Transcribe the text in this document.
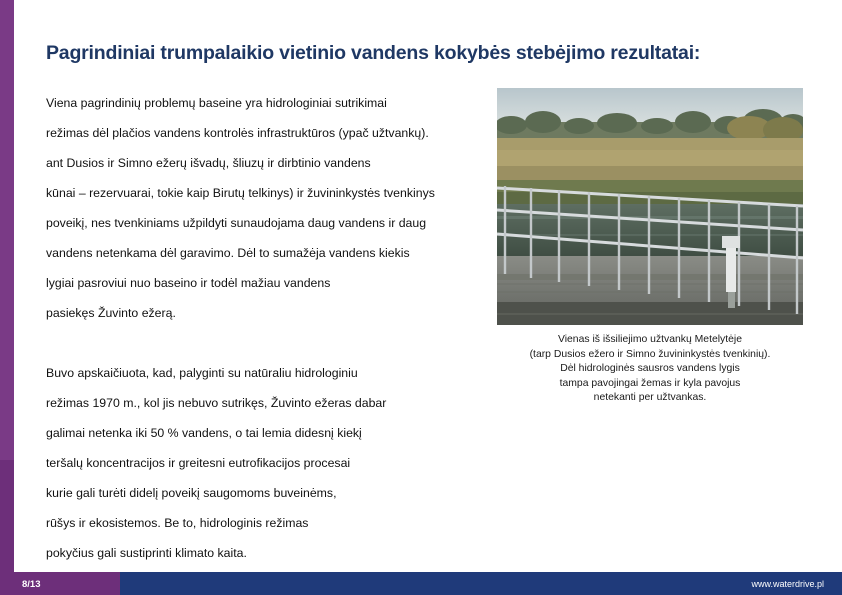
Pagrindiniai trumpalaikio vietinio vandens kokybės stebėjimo rezultatai:

Viena pagrindinių problemų baseine yra hidrologiniai sutrikimai

režimas dėl plačios vandens kontrolės infrastruktūros (ypač užtvankų).

ant Dusios ir Simno ežerų išvadų, šliuzų ir dirbtinio vandens

kūnai – rezervuarai, tokie kaip Birutų telkinys) ir žuvininkystės tvenkinys

poveikį, nes tvenkiniams užpildyti sunaudojama daug vandens ir daug

vandens netenkama dėl garavimo. Dėl to sumažėja vandens kiekis

lygiai pasroviui nuo baseino ir todėl mažiau vandens

pasiekęs Žuvinto ežerą.

Buvo apskaičiuota, kad, palyginti su natūraliu hidrologiniu

režimas 1970 m., kol jis nebuvo sutrikęs, Žuvinto ežeras dabar

galimai netenka iki 50 % vandens, o tai lemia didesnį kiekį

teršalų koncentracijos ir greitesni eutrofikacijos procesai

kurie gali turėti didelį poveikį saugomoms buveinėms,

rūšys ir ekosistemos. Be to, hidrologinis režimas

pokyčius gali sustiprinti klimato kaita.

Vienas iš išsiliejimo užtvankų Metelytėje
(tarp Dusios ežero ir Simno žuvininkystės tvenkinių).
Dėl hidrologinės sausros vandens lygis
tampa pavojingai žemas ir kyla pavojus
netekanti per užtvankas.
8/13	www.waterdrive.pl
